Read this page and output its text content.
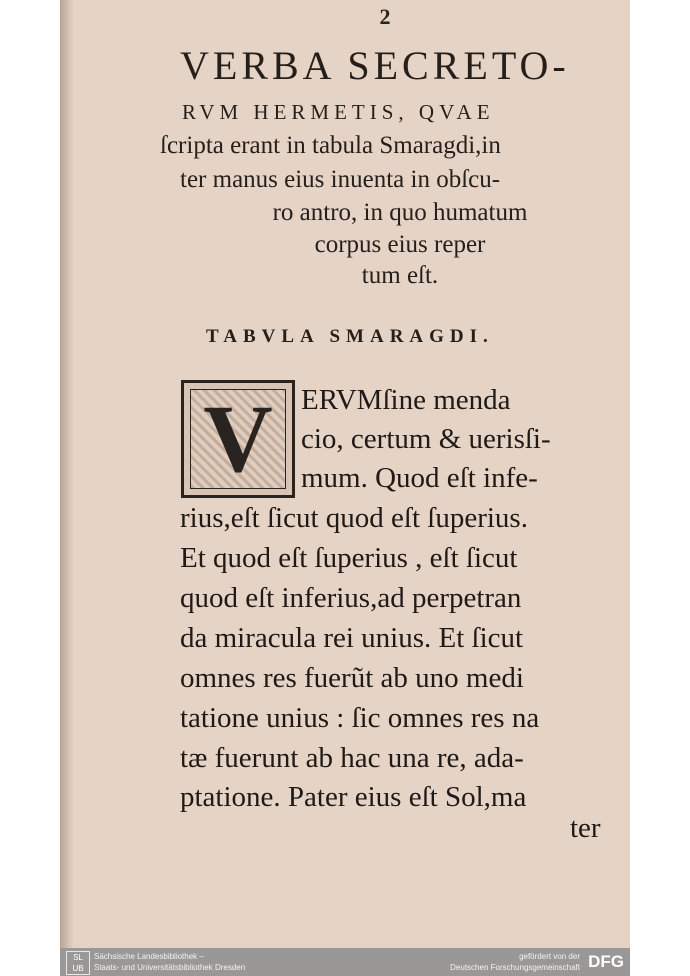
2
VERBA SECRETO-
RVM HERMETIS, QVAE
ſcripta erant in tabula Smaragdi,in
ter manus eius inuenta in obſcu-
ro antro, in quo humatum
corpus eius reper
tum eſt.
TABVLA SMARAGDI.
V ERVMſine menda
cio, certum & uerisſi-
mum. Quod eſt infe-
rius,eſt ſicut quod eſt ſuperius.
Et quod eſt ſuperius , eſt ſicut
quod eſt inferius,ad perpetran
da miracula rei unius. Et ſicut
omnes res fuerũt ab uno medi
tatione unius : ſic omnes res na
tæ fuerunt ab hac una re, ada-
ptatione. Pater eius eſt Sol,ma
ter
SL UB
Sächsische Landesbibliothek –
Staats- und Universitätsbibliothek Dresden
gefördert von der
Deutschen Forschungsgemeinschaft DFG
